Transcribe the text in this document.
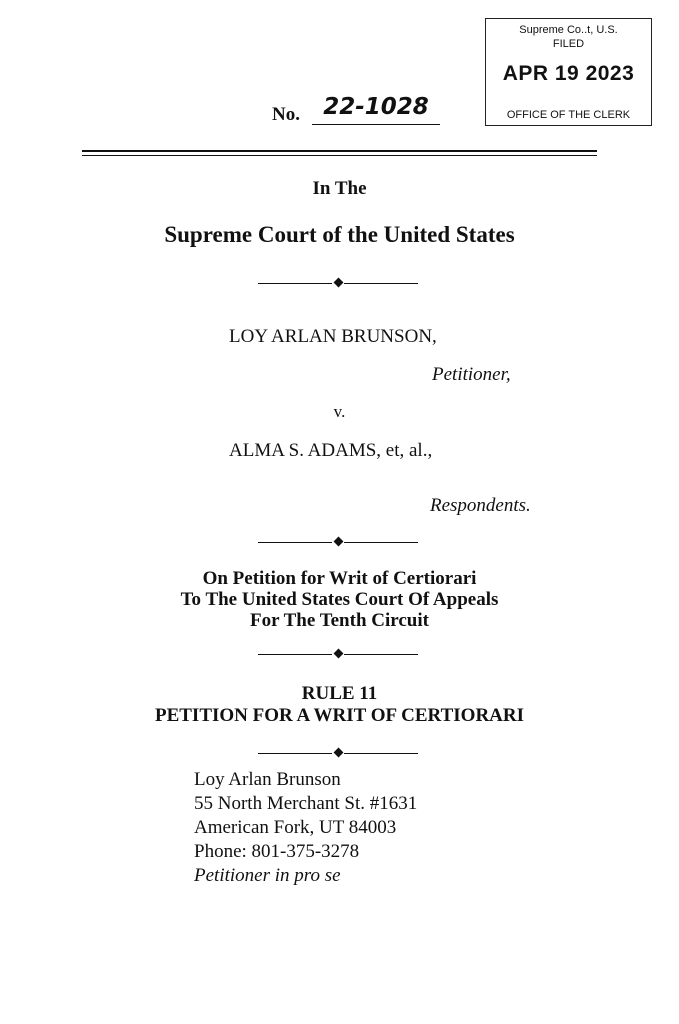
Supreme Co..t, U.S.
FILED
APR 19 2023
OFFICE OF THE CLERK
No.	22-1028
In The
Supreme Court of the United States
LOY ARLAN BRUNSON,
Petitioner,
v.
ALMA S. ADAMS, et, al.,
Respondents.
On Petition for Writ of Certiorari
To The United States Court Of Appeals
For The Tenth Circuit
RULE 11
PETITION FOR A WRIT OF CERTIORARI
Loy Arlan Brunson
55 North Merchant St. #1631
American Fork, UT 84003
Phone: 801-375-3278
Petitioner in pro se
